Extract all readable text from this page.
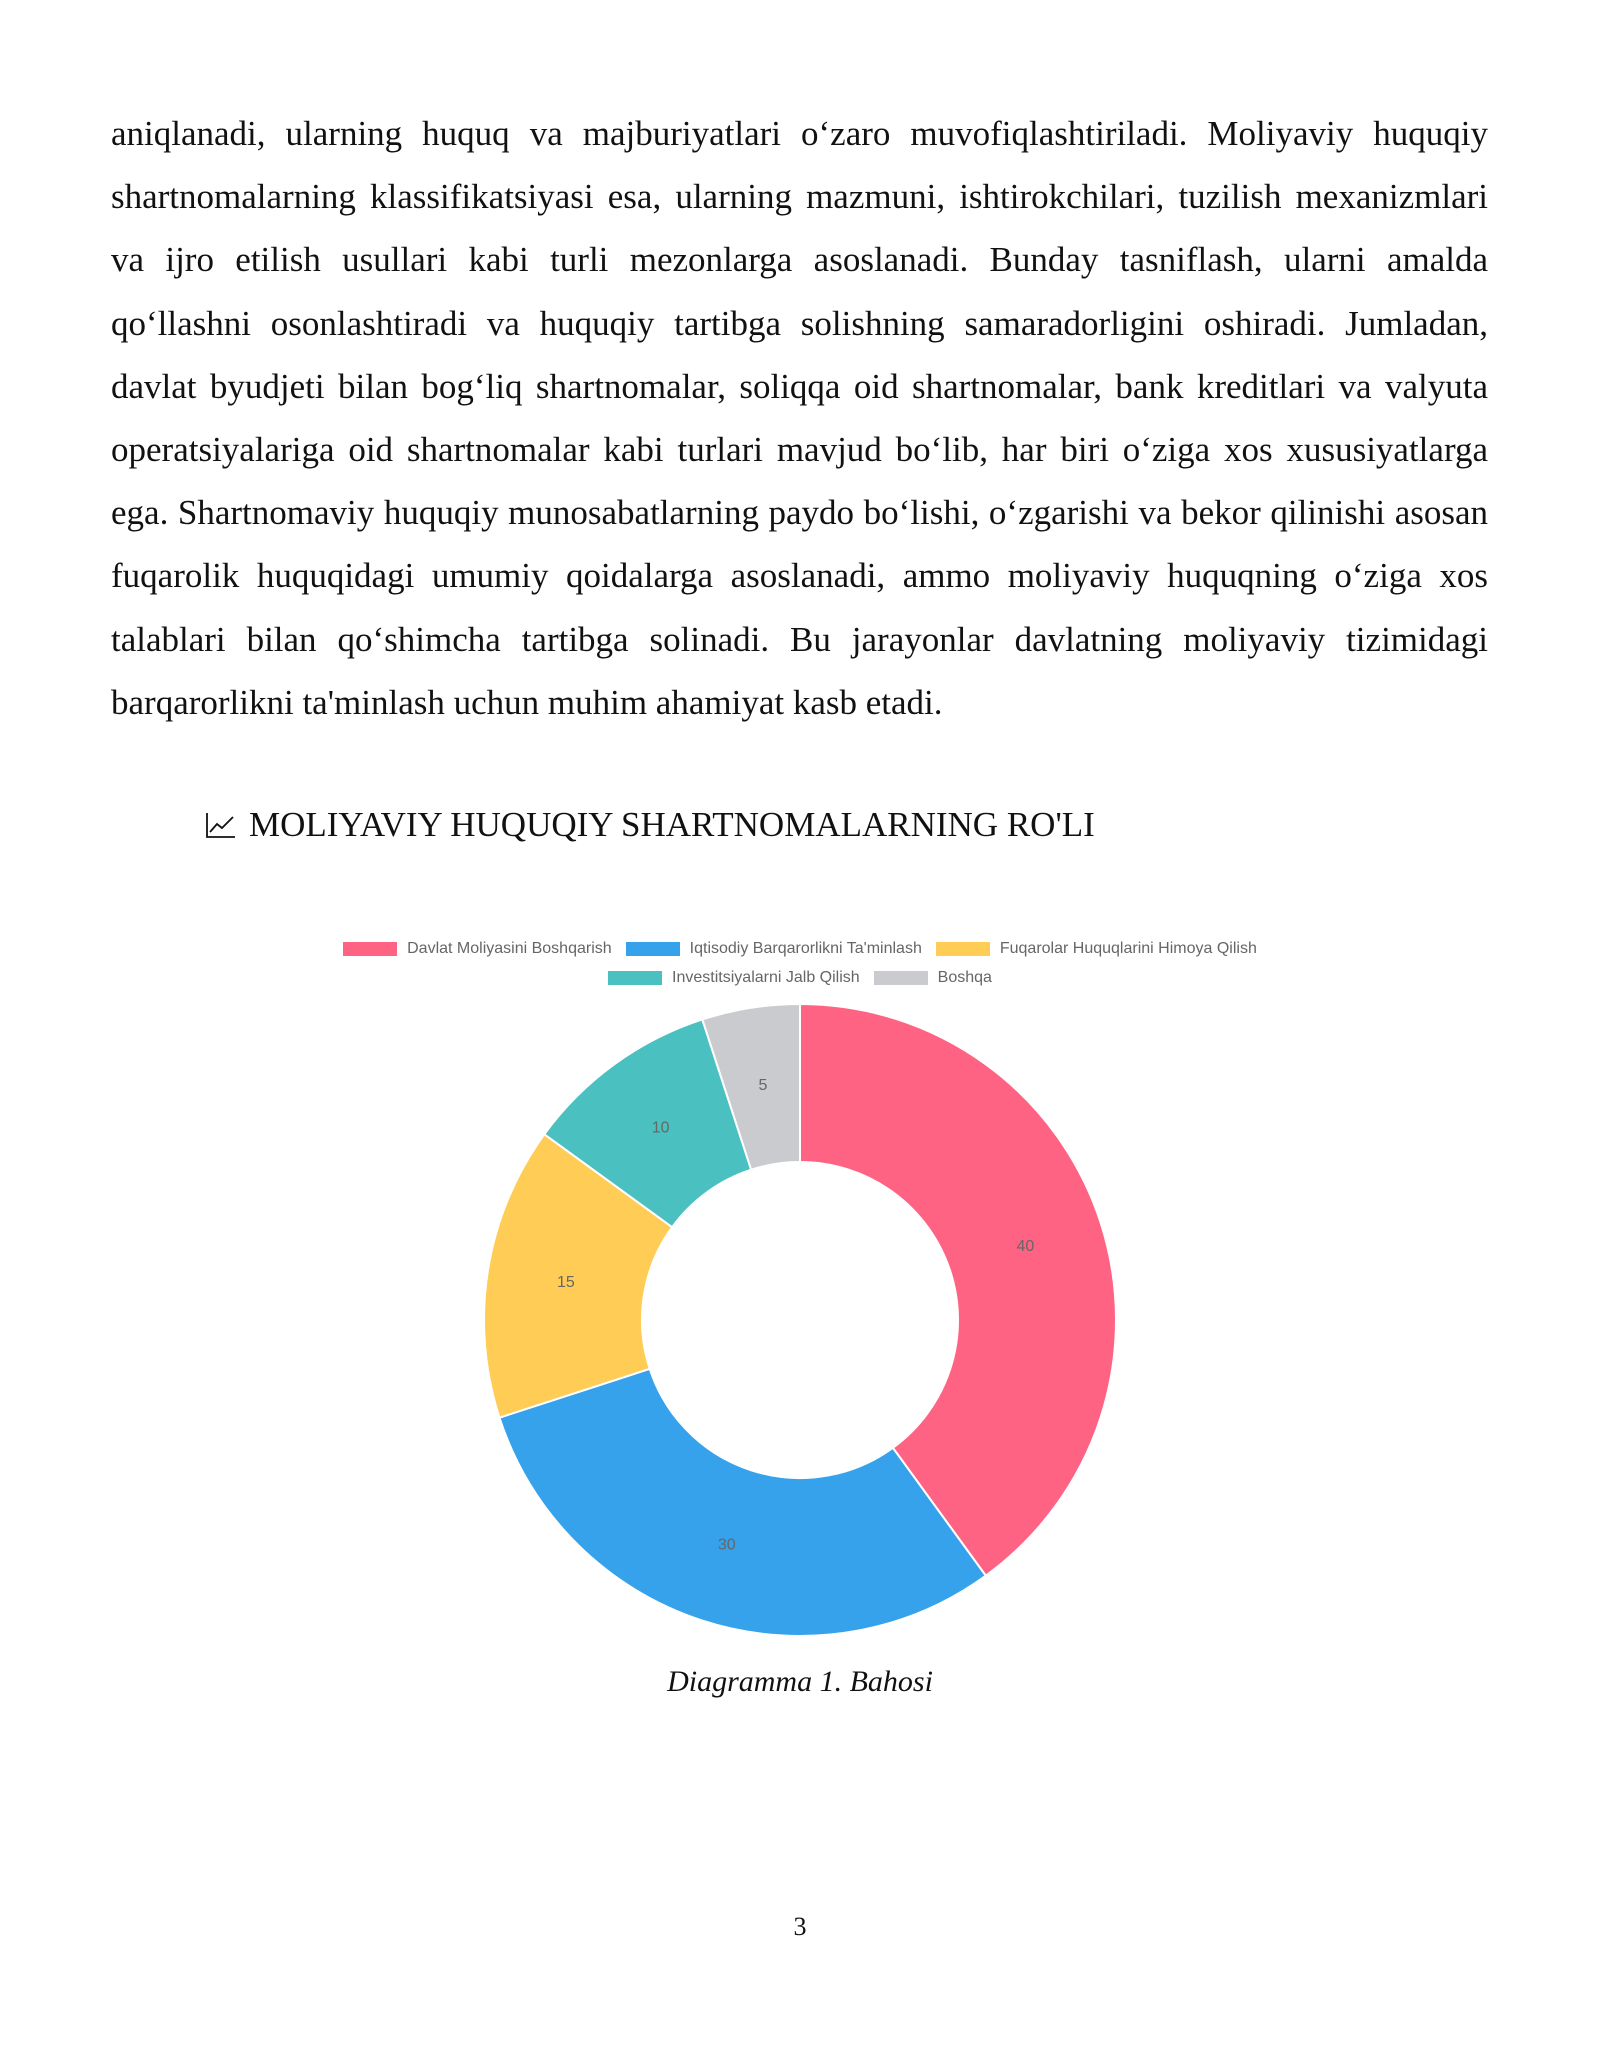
aniqlanadi, ularning huquq va majburiyatlari o‘zaro muvofiqlashtiriladi. Moliyaviy huquqiy shartnomalarning klassifikatsiyasi esa, ularning mazmuni, ishtirokchilari, tuzilish mexanizmlari va ijro etilish usullari kabi turli mezonlarga asoslanadi. Bunday tasniflash, ularni amalda qo‘llashni osonlashtiradi va huquqiy tartibga solishning samaradorligini oshiradi. Jumladan, davlat byudjeti bilan bog‘liq shartnomalar, soliqqa oid shartnomalar, bank kreditlari va valyuta operatsiyalariga oid shartnomalar kabi turlari mavjud bo‘lib, har biri o‘ziga xos xususiyatlarga ega. Shartnomaviy huquqiy munosabatlarning paydo bo‘lishi, o‘zgarishi va bekor qilinishi asosan fuqarolik huquqidagi umumiy qoidalarga asoslanadi, ammo moliyaviy huquqning o‘ziga xos talablari bilan qo‘shimcha tartibga solinadi. Bu jarayonlar davlatning moliyaviy tizimidagi barqarorlikni ta'minlash uchun muhim ahamiyat kasb etadi.

MOLIYAVIY HUQUQIY SHARTNOMALARNING RO'LI
Davlat Moliyasini Boshqarish	Iqtisodiy Barqarorlikni Ta'minlash	Fuqarolar Huquqlarini Himoya Qilish
Investitsiyalarni Jalb Qilish	Boshqa
40
30
15
10
5

Diagramma 1. Bahosi

3
